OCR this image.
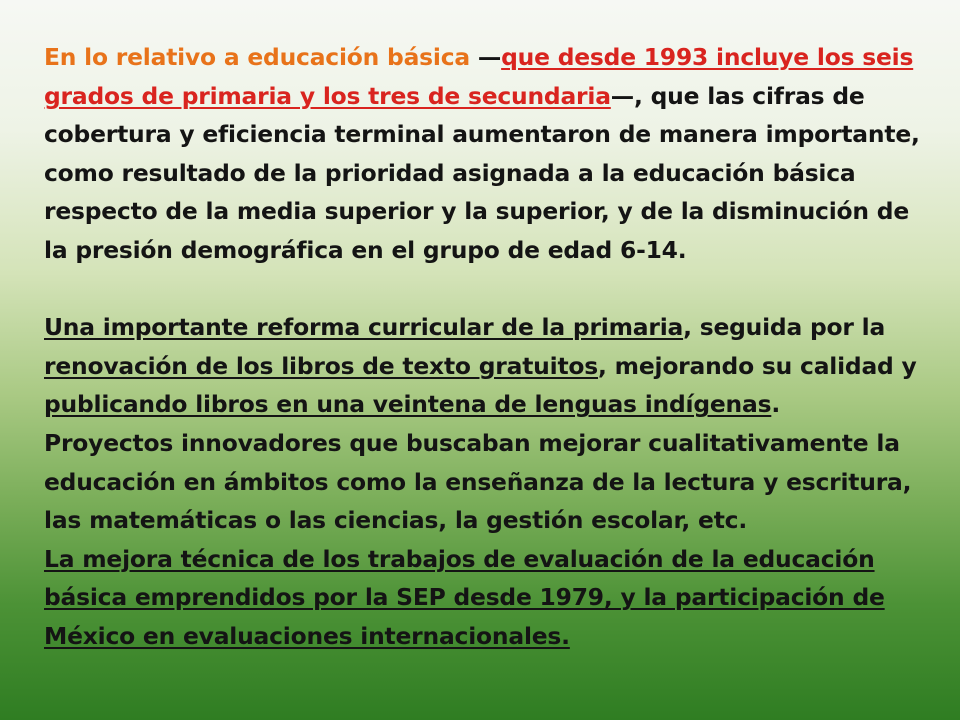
En lo relativo a educación básica —que desde 1993 incluye los seis grados de primaria y los tres de secundaria—, que las cifras de cobertura y eficiencia terminal aumentaron de manera importante, como resultado de la prioridad asignada a la educación básica respecto de la media superior y la superior, y de la disminución de la presión demográfica en el grupo de edad 6-14.

Una importante reforma curricular de la primaria, seguida por la renovación de los libros de texto gratuitos, mejorando su calidad y publicando libros en una veintena de lenguas indígenas.

Proyectos innovadores que buscaban mejorar cualitativamente la educación en ámbitos como la enseñanza de la lectura y escritura, las matemáticas o las ciencias, la gestión escolar, etc.

La mejora técnica de los trabajos de evaluación de la educación básica emprendidos por la SEP desde 1979, y la participación de México en evaluaciones internacionales.
